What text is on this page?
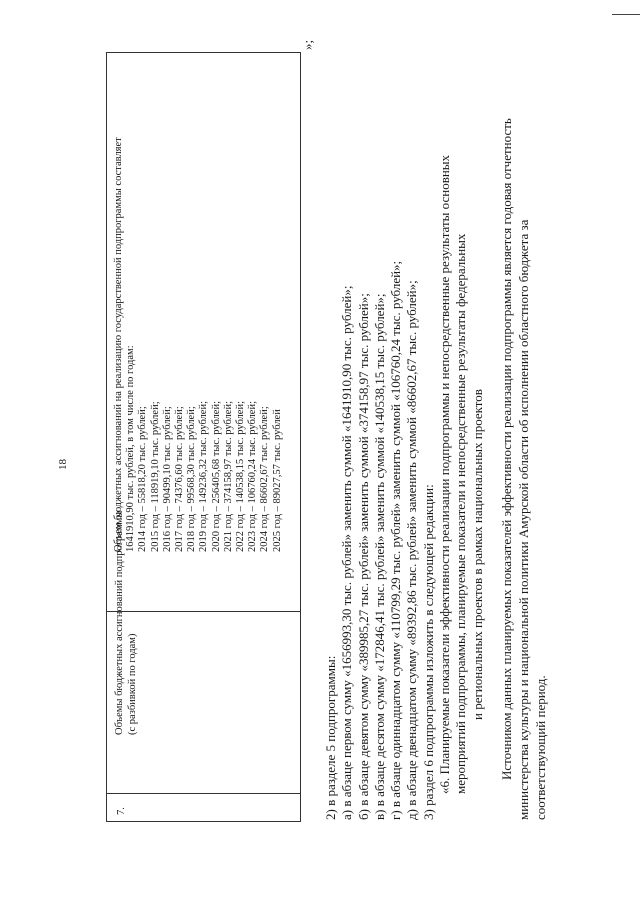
18
7.
Объемы бюджетных ассигнований подпрограммы (с разбивкой по годам)
Объем бюджетных ассигнований на реализацию государственной подпрограммы составляет 1641910,90 тыс. рублей, в том числе по годам: 2014 год – 55818,20 тыс. рублей; 2015 год – 118919,10 тыс. рублей; 2016 год – 90499,10 тыс. рублей; 2017 год – 74376,60 тыс. рублей; 2018 год – 99568,30 тыс. рублей; 2019 год – 149236,32 тыс. рублей; 2020 год – 256405,68 тыс. рублей; 2021 год – 374158,97 тыс. рублей; 2022 год – 140538,15 тыс. рублей; 2023 год – 106760,24 тыс. рублей; 2024 год – 86602,67 тыс. рублей; 2025 год – 89027,57 тыс. рублей
»;
2) в разделе 5 подпрограммы: а) в абзаце первом сумму «1656993,30 тыс. рублей» заменить суммой «1641910,90 тыс. рублей»; б) в абзаце девятом сумму «389985,27 тыс. рублей» заменить суммой «374158,97 тыс. рублей»; в) в абзаце десятом сумму «172846,41 тыс. рублей» заменить суммой «140538,15 тыс. рублей»; г) в абзаце одиннадцатом сумму «110799,29 тыс. рублей» заменить суммой «106760,24 тыс. рублей»; д) в абзаце двенадцатом сумму «89392,86 тыс. рублей» заменить суммой «86602,67 тыс. рублей»; 3) раздел 6 подпрограммы изложить в следующей редакции: «6. Планируемые показатели эффективности реализации подпрограммы и непосредственные результаты основных мероприятий подпрограммы, планируемые показатели и непосредственные результаты федеральных и региональных проектов в рамках национальных проектов Источником данных планируемых показателей эффективности реализации подпрограммы является годовая отчетность министерства культуры и национальной политики Амурской области об исполнении областного бюджета за соответствующий период.
